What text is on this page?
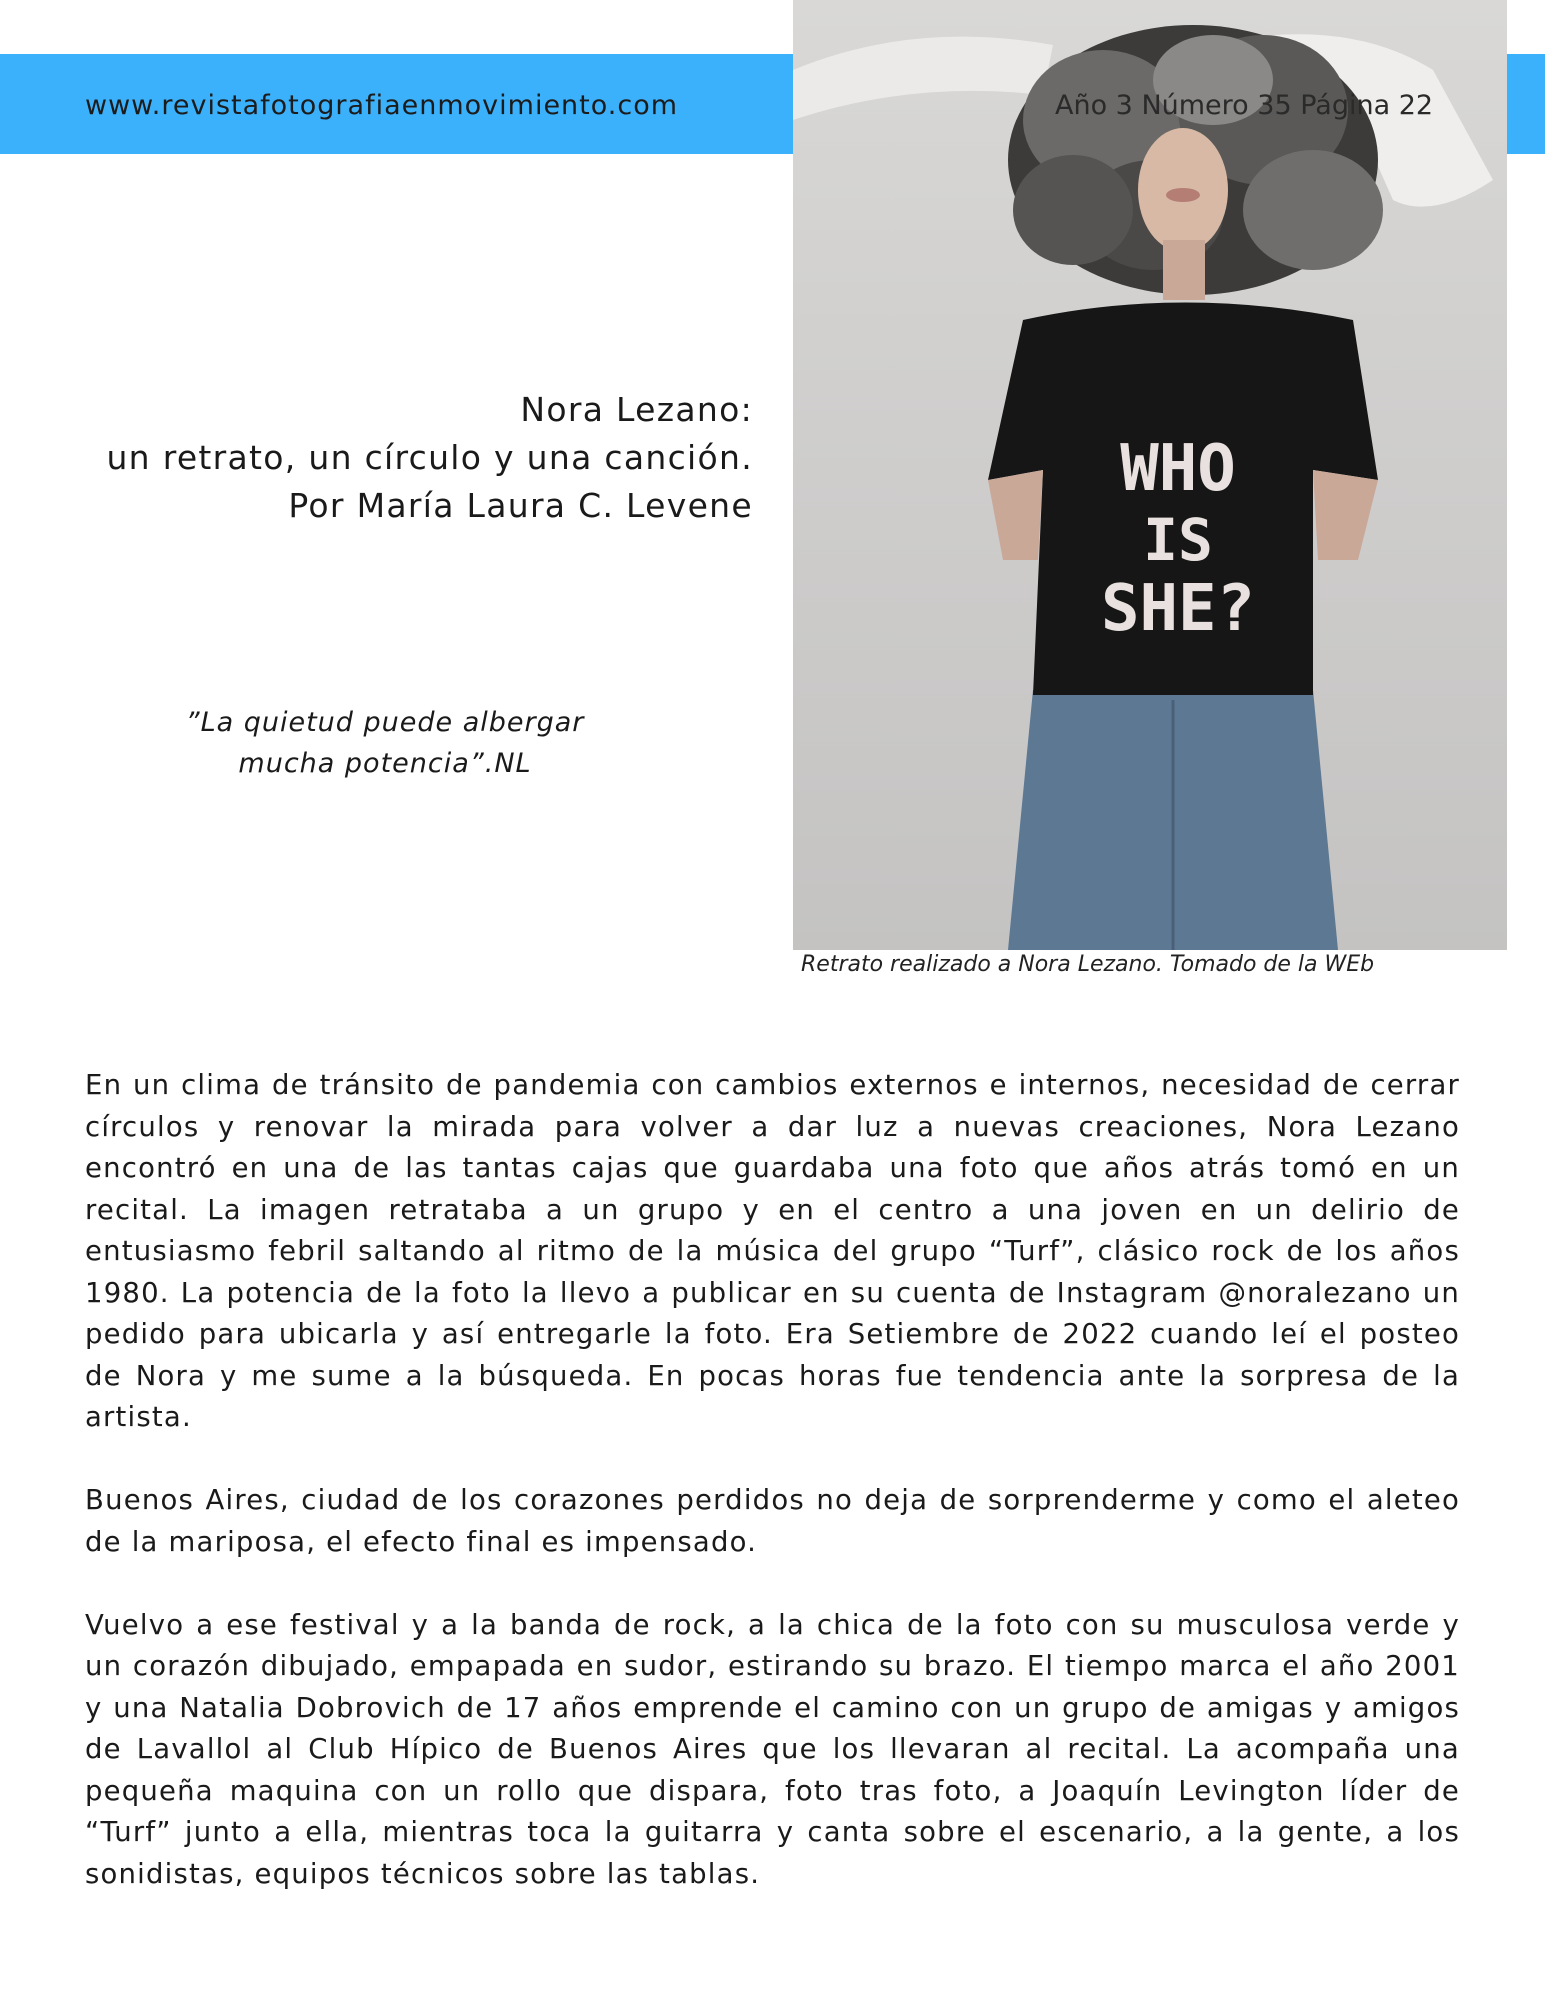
www.revistafotografiaenmovimiento.com	Año 3 Número 35 Página 22
WHO
IS
SHE?
Retrato realizado a Nora Lezano. Tomado de la WEb
Nora Lezano:
un retrato, un círculo y una canción.
Por María Laura C. Levene
”La quietud puede albergar
mucha potencia”.NL

En un clima de tránsito de pandemia con cambios externos e internos, necesidad de cerrar círculos y renovar la mirada para volver a dar luz a nuevas creaciones, Nora Lezano encontró en una de las tantas cajas que guardaba una foto que años atrás tomó en un recital. La imagen retrataba a un grupo y en el centro a una joven en un delirio de entusiasmo febril saltando al ritmo de la música del grupo “Turf”, clásico rock de los años 1980. La potencia de la foto la llevo a publicar en su cuenta de Instagram @noralezano un pedido para ubicarla y así entregarle la foto. Era Setiembre de 2022 cuando leí el posteo de Nora y me sume a la búsqueda. En pocas horas fue tendencia ante la sorpresa de la artista.

Buenos Aires, ciudad de los corazones perdidos no deja de sorprenderme y como el aleteo de la mariposa, el efecto final es impensado.

Vuelvo a ese festival y a la banda de rock, a la chica de la foto con su musculosa verde y un corazón dibujado, empapada en sudor, estirando su brazo. El tiempo marca el año 2001 y una Natalia Dobrovich de 17 años emprende el camino con un grupo de amigas y amigos de Lavallol al Club Hípico de Buenos Aires que los llevaran al recital. La acompaña una pequeña maquina con un rollo que dispara, foto tras foto, a Joaquín Levington líder de “Turf” junto a ella, mientras toca la guitarra y canta sobre el escenario, a la gente, a los sonidistas, equipos técnicos sobre las tablas.
